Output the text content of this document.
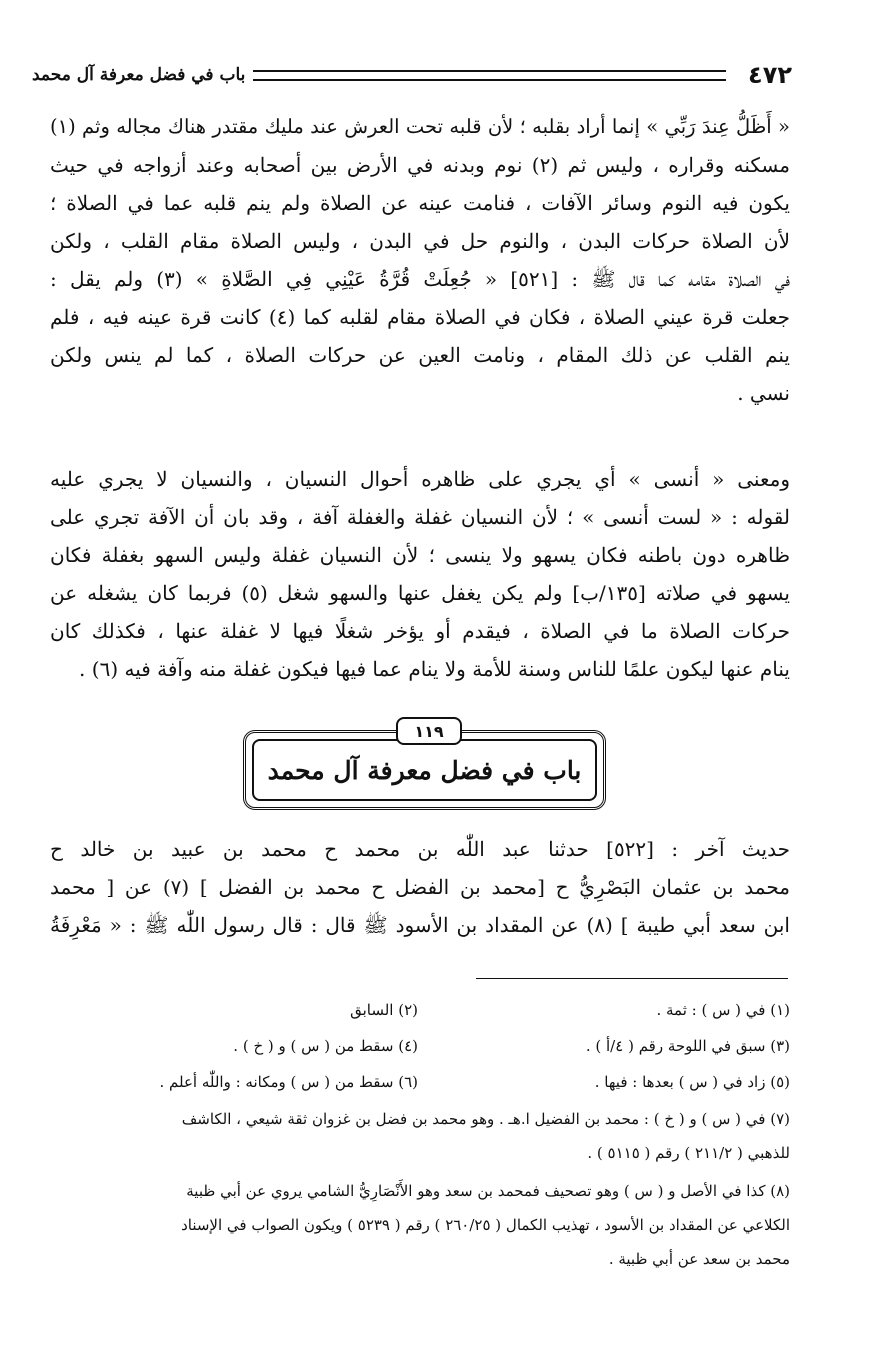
٤٧٢
باب في فضل معرفة آل محمد
« أَظَلُّ عِندَ رَبِّي » إنما أراد بقلبه ؛ لأن قلبه تحت العرش عند مليك مقتدر هناك مجاله وثم (١)
مسكنه وقراره ، وليس ثم (٢) نوم وبدنه في الأرض بين أصحابه وعند أزواجه في حيث
يكون فيه النوم وسائر الآفات ، فنامت عينه عن الصلاة ولم ينم قلبه عما في الصلاة ؛
لأن الصلاة حركات البدن ، والنوم حل في البدن ، وليس الصلاة مقام القلب ، ولكن
في الصلاة مقامه كما قال ﷺ : [٥٢١] « جُعِلَتْ قُرَّةُ عَيْنِي فِي الصَّلاةِ » (٣) ولم يقل :
جعلت قرة عيني الصلاة ، فكان في الصلاة مقام لقلبه كما (٤) كانت قرة عينه فيه ، فلم
ينم القلب عن ذلك المقام ، ونامت العين عن حركات الصلاة ، كما لم ينس ولكن
نسي .
ومعنى « أنسى » أي يجري على ظاهره أحوال النسيان ، والنسيان لا يجري عليه
لقوله : « لست أنسى » ؛ لأن النسيان غفلة والغفلة آفة ، وقد بان أن الآفة تجري على
ظاهره دون باطنه فكان يسهو ولا ينسى ؛ لأن النسيان غفلة وليس السهو بغفلة فكان
يسهو في صلاته [١٣٥/ب] ولم يكن يغفل عنها والسهو شغل (٥) فربما كان يشغله عن
حركات الصلاة ما في الصلاة ، فيقدم أو يؤخر شغلًا فيها لا غفلة عنها ، فكذلك كان
ينام عنها ليكون علمًا للناس وسنة للأمة ولا ينام عما فيها فيكون غفلة منه وآفة فيه (٦) .
باب في فضل معرفة آل محمد
١١٩
حديث آخر : [٥٢٢] حدثنا عبد اللّٰه بن محمد ح محمد بن عبيد بن خالد ح
محمد بن عثمان البَصْرِيُّ ح [محمد بن الفضل ح محمد بن الفضل ] (٧) عن [ محمد
ابن سعد أبي طيبة ] (٨) عن المقداد بن الأسود ﷺ قال : قال رسول اللّٰه ﷺ : « مَعْرِفَةُ
(١) في ( س ) : ثمة .
(٢) السابق
(٣) سبق في اللوحة رقم ( ٤/أ ) .
(٤) سقط من ( س ) و ( خ ) .
(٥) زاد في ( س ) بعدها : فيها .
(٦) سقط من ( س ) ومكانه : واللّٰه أعلم .
(٧) في ( س ) و ( خ ) : محمد بن الفضيل ا.هـ . وهو محمد بن فضل بن غزوان ثقة شيعي ، الكاشف
للذهبي ( ٢١١/٢ ) رقم ( ٥١١٥ ) .
(٨) كذا في الأصل و ( س ) وهو تصحيف فمحمد بن سعد وهو الأَنْصَارِيُّ الشامي يروي عن أبي ظبية
الكلاعي عن المقداد بن الأسود ، تهذيب الكمال ( ٢٦٠/٢٥ ) رقم ( ٥٢٣٩ ) ويكون الصواب في الإسناد
محمد بن سعد عن أبي ظبية .
